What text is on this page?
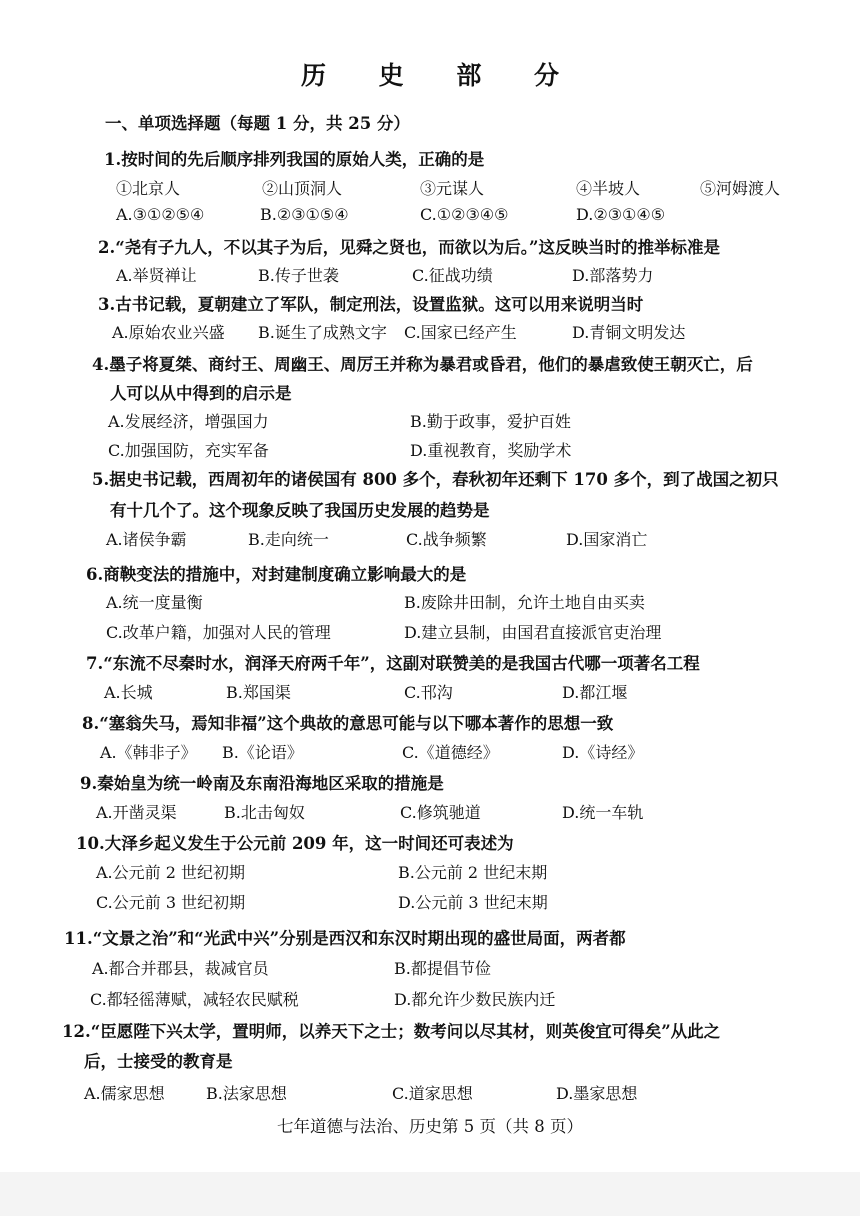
历 史 部 分
一、单项选择题（每题 1 分，共 25 分）
1.按时间的先后顺序排列我国的原始人类，正确的是
①北京人	②山顶洞人	③元谋人	④半坡人	⑤河姆渡人
A.③①②⑤④	B.②③①⑤④	C.①②③④⑤	D.②③①④⑤
2.“尧有子九人，不以其子为后，见舜之贤也，而欲以为后。”这反映当时的推举标准是
A.举贤禅让	B.传子世袭	C.征战功绩	D.部落势力
3.古书记载，夏朝建立了军队，制定刑法，设置监狱。这可以用来说明当时
A.原始农业兴盛 B.诞生了成熟文字 C.国家已经产生	D.青铜文明发达
4.墨子将夏桀、商纣王、周幽王、周厉王并称为暴君或昏君，他们的暴虐致使王朝灭亡，后
人可以从中得到的启示是
A.发展经济，增强国力	B.勤于政事，爱护百姓
C.加强国防，充实军备	D.重视教育，奖励学术
5.据史书记载，西周初年的诸侯国有 800 多个，春秋初年还剩下 170 多个，到了战国之初只
有十几个了。这个现象反映了我国历史发展的趋势是
A.诸侯争霸	B.走向统一	C.战争频繁	D.国家消亡
6.商鞅变法的措施中，对封建制度确立影响最大的是
A.统一度量衡	B.废除井田制，允许土地自由买卖
C.改革户籍，加强对人民的管理	D.建立县制，由国君直接派官吏治理
7.“东流不尽秦时水，润泽天府两千年”，这副对联赞美的是我国古代哪一项著名工程
A.长城	B.郑国渠	C.邗沟	D.都江堰
8.“塞翁失马，焉知非福”这个典故的意思可能与以下哪本著作的思想一致
A.《韩非子》 B.《论语》	C.《道德经》	D.《诗经》
9.秦始皇为统一岭南及东南沿海地区采取的措施是
A.开凿灵渠	B.北击匈奴	C.修筑驰道	D.统一车轨
10.大泽乡起义发生于公元前 209 年，这一时间还可表述为
A.公元前 2 世纪初期	B.公元前 2 世纪末期
C.公元前 3 世纪初期	D.公元前 3 世纪末期
11.“文景之治”和“光武中兴”分别是西汉和东汉时期出现的盛世局面，两者都
A.都合并郡县，裁减官员	B.都提倡节俭
C.都轻徭薄赋，减轻农民赋税	D.都允许少数民族内迁
12.“臣愿陛下兴太学，置明师，以养天下之士；数考问以尽其材，则英俊宜可得矣”从此之
后，士接受的教育是
A.儒家思想	B.法家思想	C.道家思想	D.墨家思想
七年道德与法治、历史第 5 页（共 8 页）
